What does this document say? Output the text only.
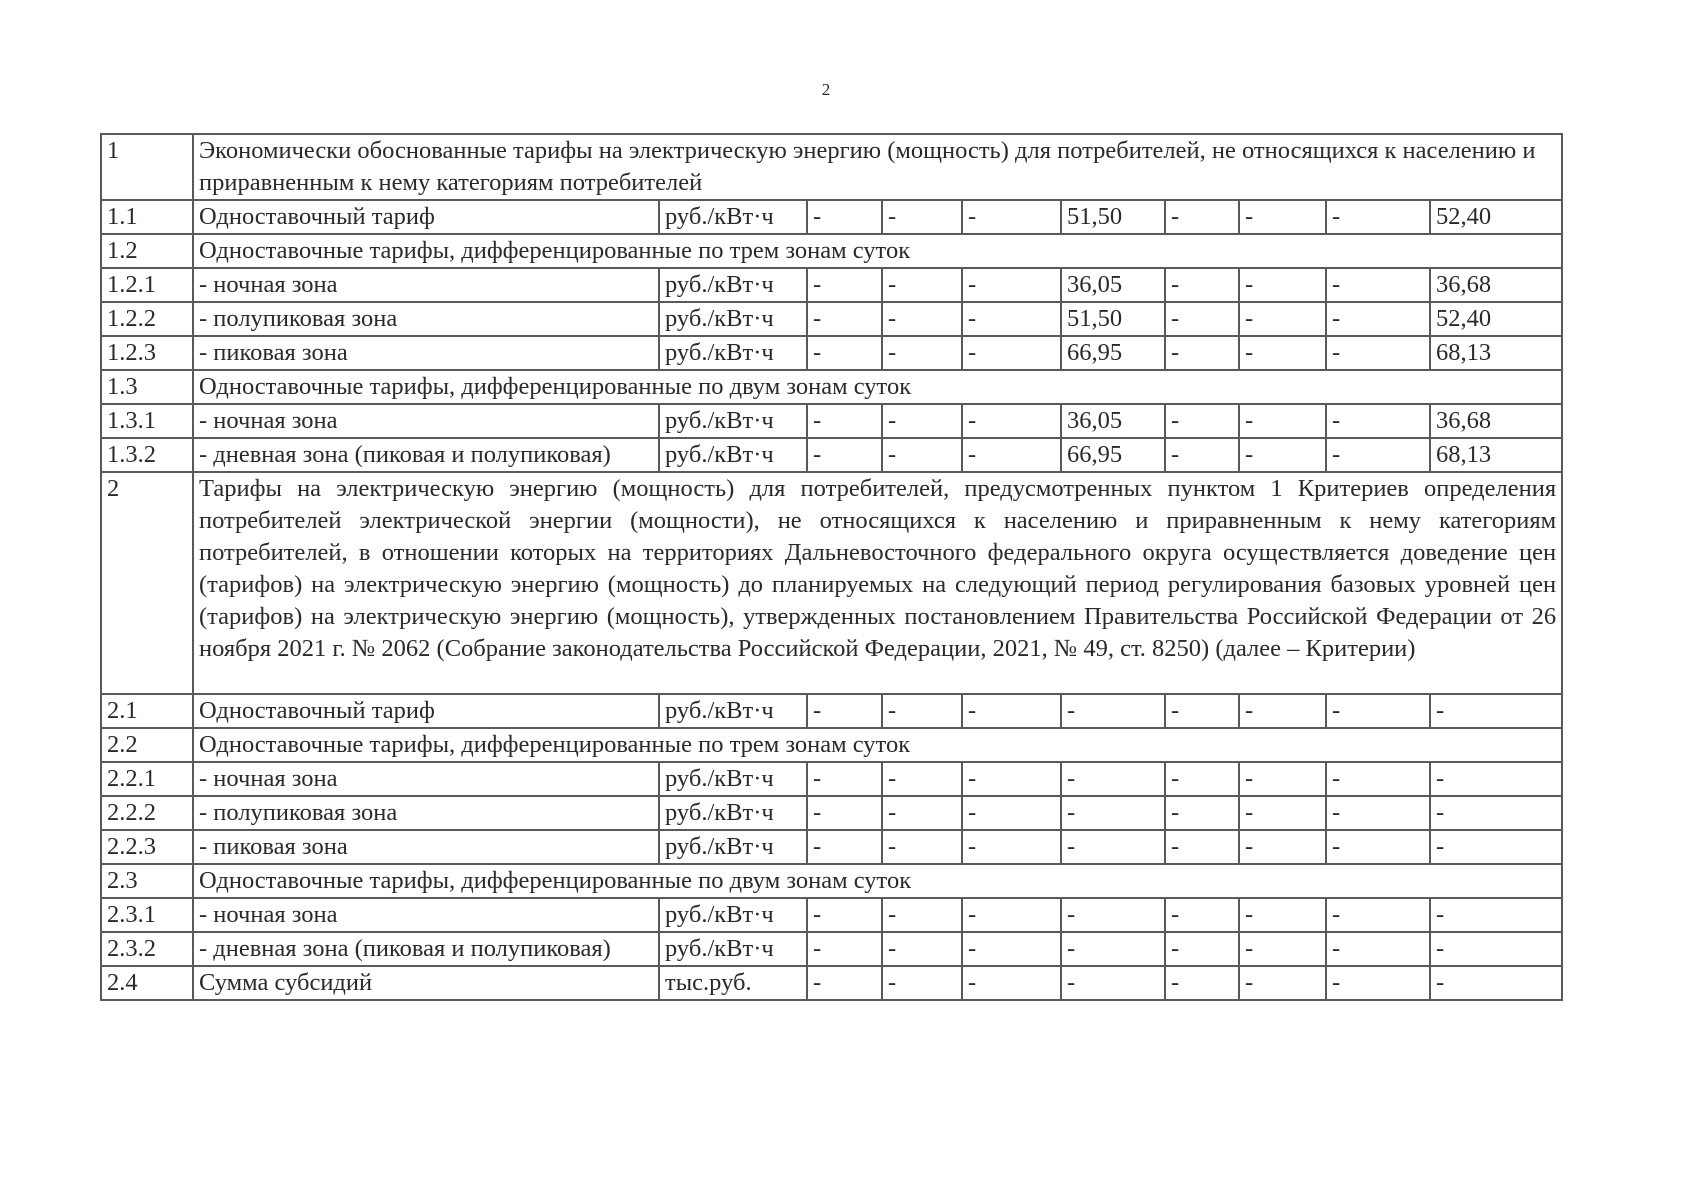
2
1	Экономически обоснованные тарифы на электрическую энергию (мощность) для потребителей, не относящихся к населению и приравненным к нему категориям потребителей									
1.1	Одноставочный тариф	руб./кВт·ч	-	-	-	51,50	-	-	-	52,40
1.2	Одноставочные тарифы, дифференцированные по трем зонам суток									
1.2.1	- ночная зона	руб./кВт·ч	-	-	-	36,05	-	-	-	36,68
1.2.2	- полупиковая зона	руб./кВт·ч	-	-	-	51,50	-	-	-	52,40
1.2.3	- пиковая зона	руб./кВт·ч	-	-	-	66,95	-	-	-	68,13
1.3	Одноставочные тарифы, дифференцированные по двум зонам суток									
1.3.1	- ночная зона	руб./кВт·ч	-	-	-	36,05	-	-	-	36,68
1.3.2	- дневная зона (пиковая и полупиковая)	руб./кВт·ч	-	-	-	66,95	-	-	-	68,13
2	Тарифы на электрическую энергию (мощность) для потребителей, предусмотренных пунктом 1 Критериев определения потребителей электрической энергии (мощности), не относящихся к населению и приравненным к нему категориям потребителей, в отношении которых на территориях Дальневосточного федерального округа осуществляется доведение цен (тарифов) на электрическую энергию (мощность) до планируемых на следующий период регулирования базовых уровней цен (тарифов) на электрическую энергию (мощность), утвержденных постановлением Правительства Российской Федерации от 26 ноября 2021 г. № 2062 (Собрание законодательства Российской Федерации, 2021, № 49, ст. 8250) (далее – Критерии)									
2.1	Одноставочный тариф	руб./кВт·ч	-	-	-	-	-	-	-	-
2.2	Одноставочные тарифы, дифференцированные по трем зонам суток									
2.2.1	- ночная зона	руб./кВт·ч	-	-	-	-	-	-	-	-
2.2.2	- полупиковая зона	руб./кВт·ч	-	-	-	-	-	-	-	-
2.2.3	- пиковая зона	руб./кВт·ч	-	-	-	-	-	-	-	-
2.3	Одноставочные тарифы, дифференцированные по двум зонам суток									
2.3.1	- ночная зона	руб./кВт·ч	-	-	-	-	-	-	-	-
2.3.2	- дневная зона (пиковая и полупиковая)	руб./кВт·ч	-	-	-	-	-	-	-	-
2.4	Сумма субсидий	тыс.руб.	-	-	-	-	-	-	-	-
